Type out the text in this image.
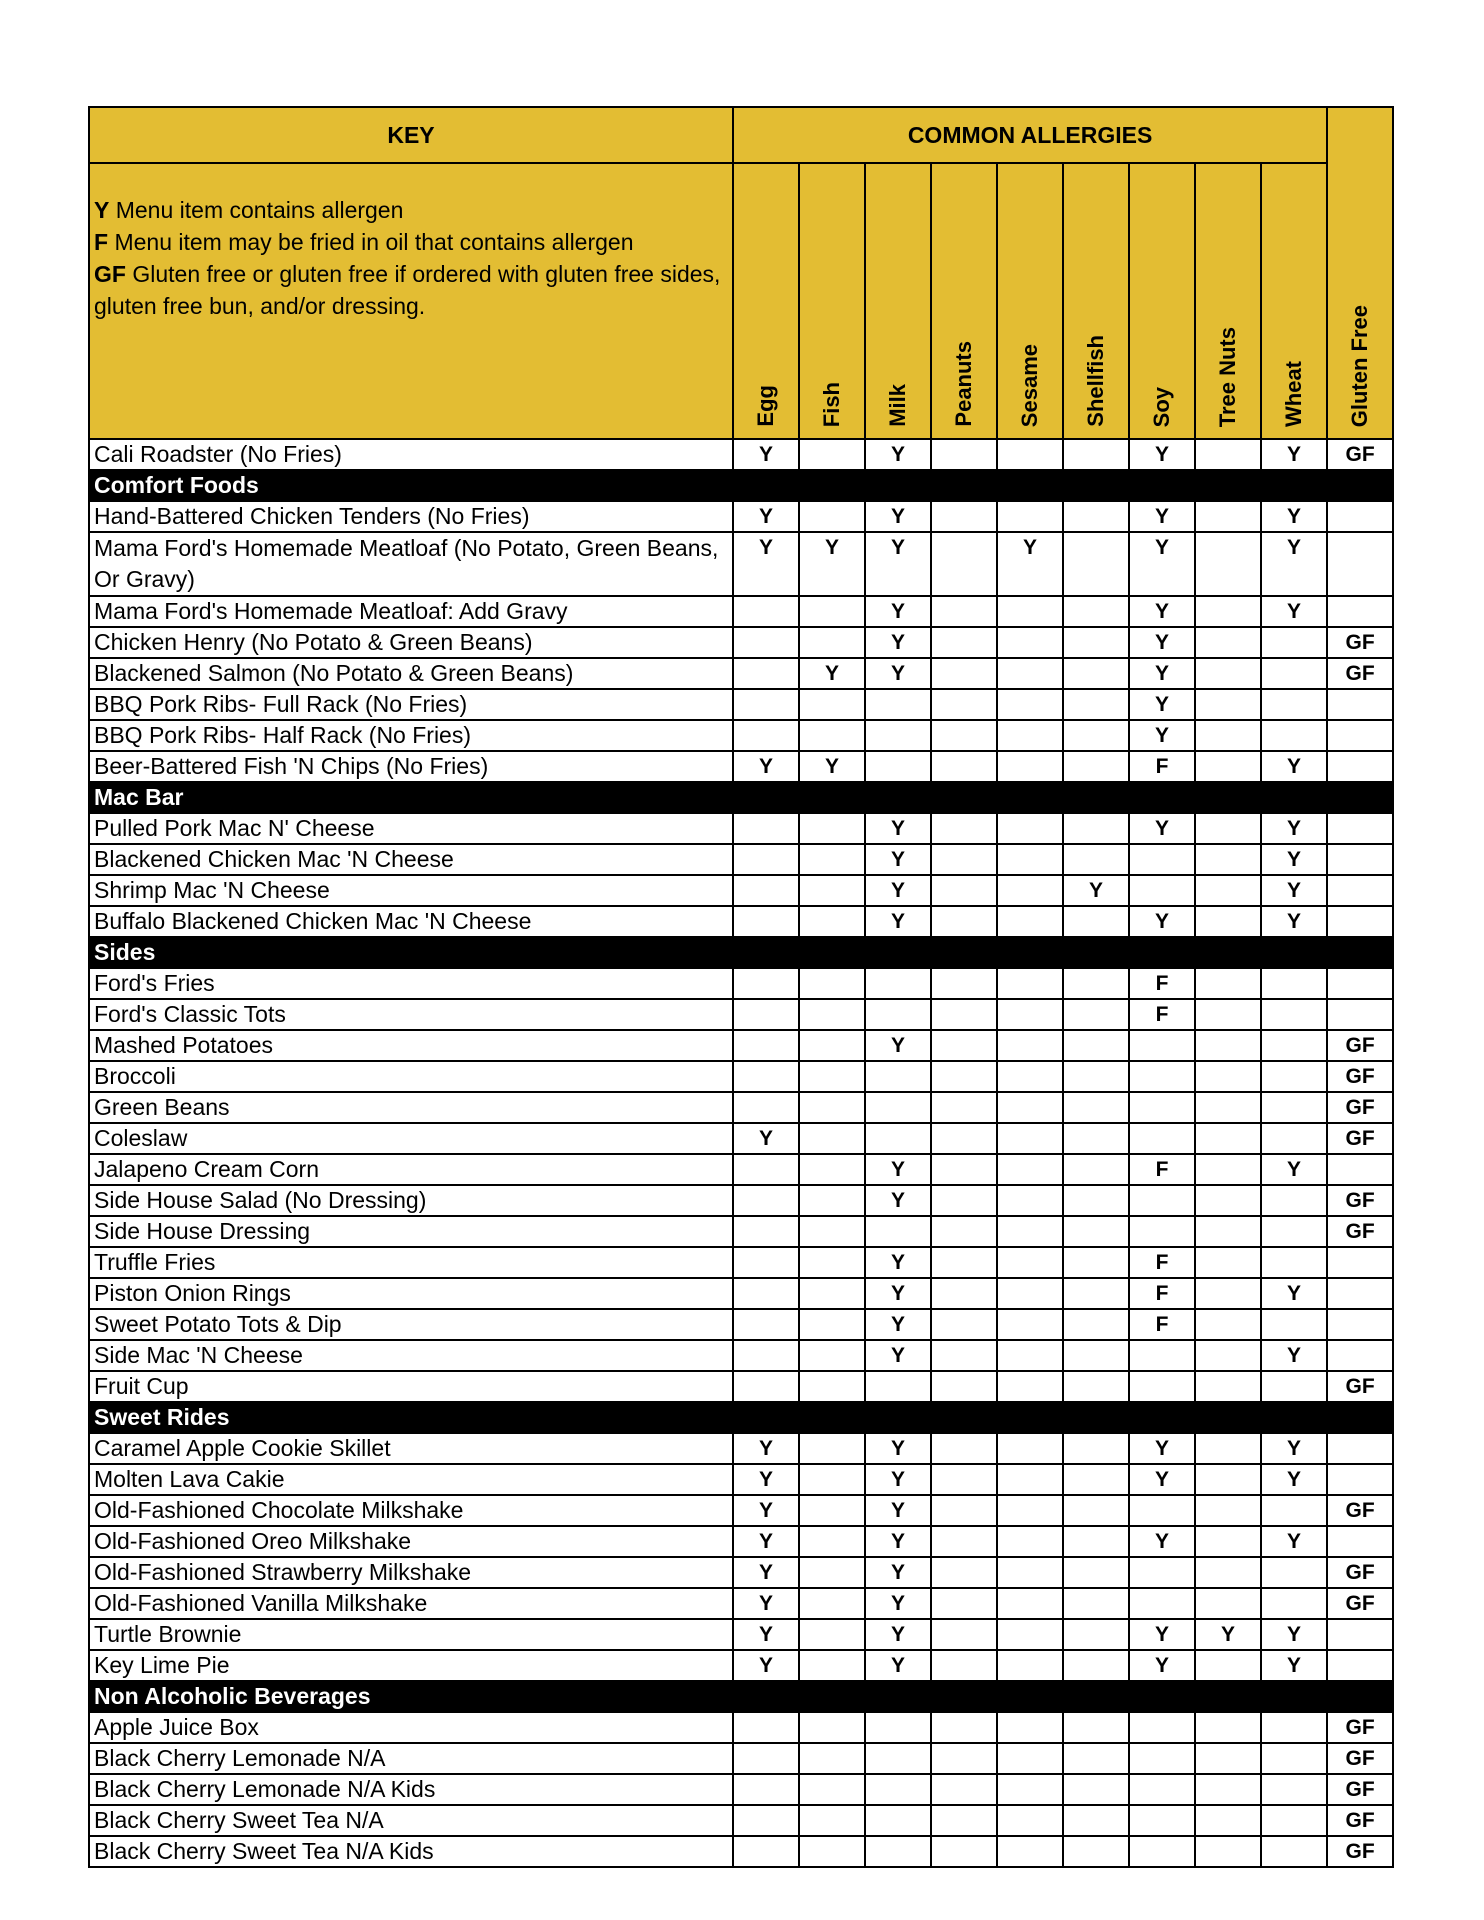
KEY	COMMON ALLERGIES									Gluten Free

Y Menu item contains allergen
F Menu item may be fried in oil that contains allergen
GF Gluten free or gluten free if ordered with gluten free sides, gluten free bun, and/or dressing.	Egg	Fish	Milk	Peanuts	Sesame	Shellfish	Soy	Tree Nuts	Wheat	
Cali Roadster (No Fries)	Y		Y				Y		Y	GF
Comfort Foods										
Hand-Battered Chicken Tenders (No Fries)	Y		Y				Y		Y	
Mama Ford's Homemade Meatloaf (No Potato, Green Beans, Or Gravy)	Y	Y	Y		Y		Y		Y	
Mama Ford's Homemade Meatloaf: Add Gravy			Y				Y		Y	
Chicken Henry (No Potato & Green Beans)			Y				Y			GF
Blackened Salmon (No Potato & Green Beans)		Y	Y				Y			GF
BBQ Pork Ribs- Full Rack (No Fries)							Y			
BBQ Pork Ribs- Half Rack (No Fries)							Y			
Beer-Battered Fish 'N Chips (No Fries)	Y	Y					F		Y	
Mac Bar										
Pulled Pork Mac N' Cheese			Y				Y		Y	
Blackened Chicken Mac 'N Cheese			Y						Y	
Shrimp Mac 'N Cheese			Y			Y			Y	
Buffalo Blackened Chicken Mac 'N Cheese			Y				Y		Y	
Sides										
Ford's Fries							F			
Ford's Classic Tots							F			
Mashed Potatoes			Y							GF
Broccoli										GF
Green Beans										GF
Coleslaw	Y									GF
Jalapeno Cream Corn			Y				F		Y	
Side House Salad (No Dressing)			Y							GF
Side House Dressing										GF
Truffle Fries			Y				F			
Piston Onion Rings			Y				F		Y	
Sweet Potato Tots & Dip			Y				F			
Side Mac 'N Cheese			Y						Y	
Fruit Cup										GF
Sweet Rides										
Caramel Apple Cookie Skillet	Y		Y				Y		Y	
Molten Lava Cakie	Y		Y				Y		Y	
Old-Fashioned Chocolate Milkshake	Y		Y							GF
Old-Fashioned Oreo Milkshake	Y		Y				Y		Y	
Old-Fashioned Strawberry Milkshake	Y		Y							GF
Old-Fashioned Vanilla Milkshake	Y		Y							GF
Turtle Brownie	Y		Y				Y	Y	Y	
Key Lime Pie	Y		Y				Y		Y	
Non Alcoholic Beverages										
Apple Juice Box										GF
Black Cherry Lemonade N/A										GF
Black Cherry Lemonade N/A Kids										GF
Black Cherry Sweet Tea N/A										GF
Black Cherry Sweet Tea N/A Kids										GF
